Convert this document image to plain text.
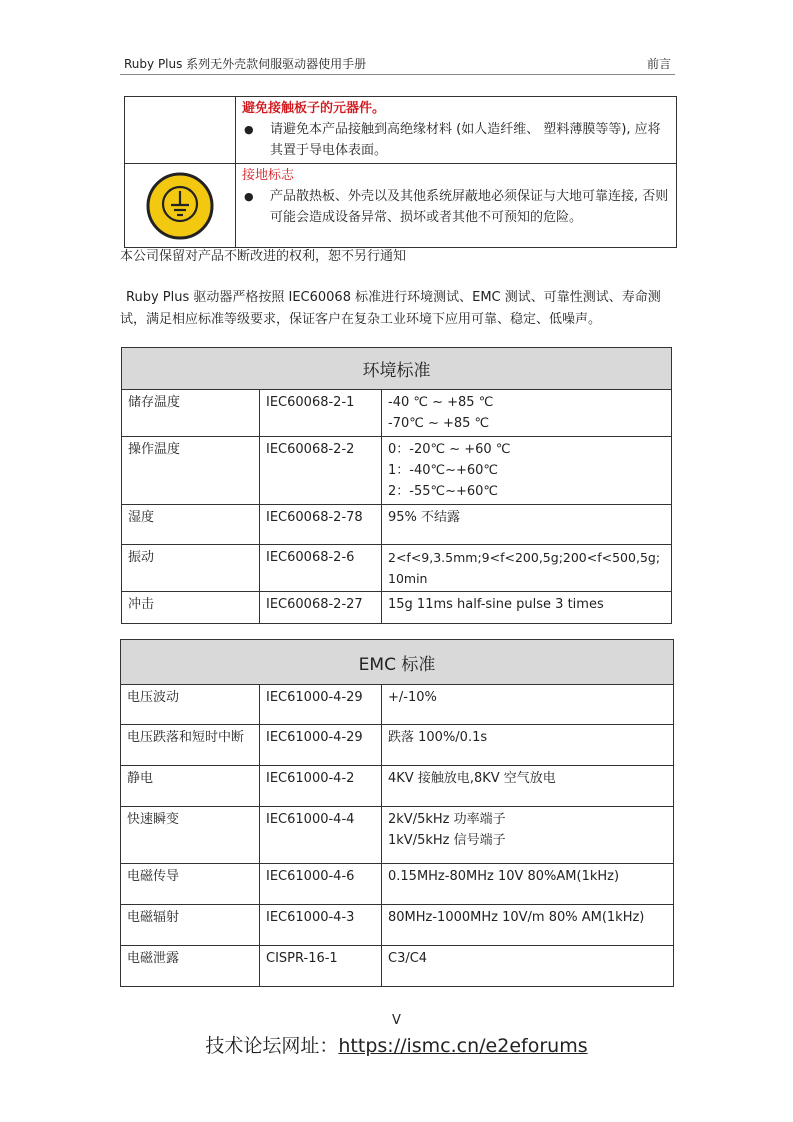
Ruby Plus 系列无外壳款伺服驱动器使用手册	前言

	避免接触板子的元器件。
● 请避免本产品接触到高绝缘材料 (如人造纤维、 塑料薄膜等等), 应将其置于导电体表面。

接地标志
● 产品散热板、外壳以及其他系统屏蔽地必须保证与大地可靠连接, 否则可能会造成设备异常、损坏或者其他不可预知的危险。
本公司保留对产品不断改进的权利，恕不另行通知
Ruby Plus 驱动器严格按照 IEC60068 标准进行环境测试、EMC 测试、可靠性测试、寿命测试，满足相应标准等级要求，保证客户在复杂工业环境下应用可靠、稳定、低噪声。
环境标准		
储存温度	IEC60068-2-1	-40 ℃ ~ +85 ℃
-70℃ ~ +85 ℃

操作温度	IEC60068-2-2	0：-20℃ ~ +60 ℃
1：-40℃~+60℃
2：-55℃~+60℃

湿度	IEC60068-2-78	95% 不结露

振动	IEC60068-2-6	2<f<9,3.5mm;9<f<200,5g;200<f<500,5g;
10min

冲击	IEC60068-2-27	15g 11ms half-sine pulse 3 times
EMC 标准		
电压波动	IEC61000-4-29	+/-10%

电压跌落和短时中断	IEC61000-4-29	跌落 100%/0.1s

静电	IEC61000-4-2	4KV 接触放电,8KV 空气放电

快速瞬变	IEC61000-4-4	2kV/5kHz 功率端子
1kV/5kHz 信号端子

电磁传导	IEC61000-4-6	0.15MHz-80MHz 10V 80%AM(1kHz)

电磁辐射	IEC61000-4-3	80MHz-1000MHz 10V/m 80% AM(1kHz)

电磁泄露	CISPR-16-1	C3/C4
V
技术论坛网址：https://ismc.cn/e2eforums
